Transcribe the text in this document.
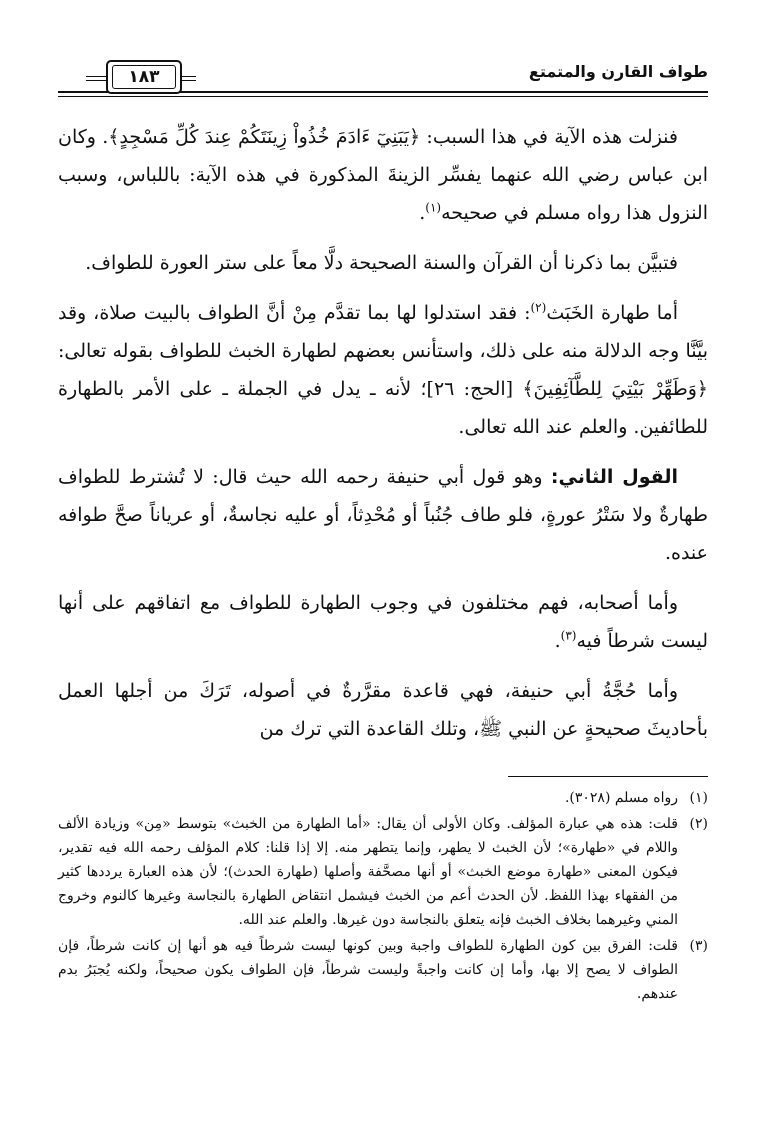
١٨٣	طواف القارن والمتمتع

فنزلت هذه الآية في هذا السبب: ﴿يَبَنِيٓ ءَادَمَ خُذُواْ زِينَتَكُمْ عِندَ كُلِّ مَسْجِدٍ﴾. وكان ابن عباس رضي الله عنهما يفسِّر الزينةَ المذكورة في هذه الآية: باللباس، وسبب النزول هذا رواه مسلم في صحيحه$^{(١)}$.

فتبيَّن بما ذكرنا أن القرآن والسنة الصحيحة دلَّا معاً على ستر العورة للطواف.

أما طهارة الخَبَث$^{(٢)}$: فقد استدلوا لها بما تقدَّم مِنْ أنَّ الطواف بالبيت صلاة، وقد بيَّنَّا وجه الدلالة منه على ذلك، واستأنس بعضهم لطهارة الخبث للطواف بقوله تعالى: ﴿وَطَهِّرْ بَيْتِيَ لِلطَّآئِفِينَ﴾ [الحج: ٢٦]؛ لأنه ـ يدل في الجملة ـ على الأمر بالطهارة للطائفين. والعلم عند الله تعالى.

القول الثاني: وهو قول أبي حنيفة رحمه الله حيث قال: لا تُشترط للطواف طهارةٌ ولا سَتْرُ عورةٍ، فلو طاف جُنُباً أو مُحْدِثاً، أو عليه نجاسةٌ، أو عرياناً صحَّ طوافه عنده.

وأما أصحابه، فهم مختلفون في وجوب الطهارة للطواف مع اتفاقهم على أنها ليست شرطاً فيه$^{(٣)}$.

وأما حُجَّةُ أبي حنيفة، فهي قاعدة مقرَّرةٌ في أصوله، تَرَكَ من أجلها العمل بأحاديثَ صحيحةٍ عن النبي ﷺ، وتلك القاعدة التي ترك من

(١)
رواه مسلم (٣٠٢٨).
(٢)
قلت: هذه هي عبارة المؤلف. وكان الأولى أن يقال: «أما الطهارة من الخبث» بتوسط «مِن» وزيادة الألف واللام في «طهارة»؛ لأن الخبث لا يطهر، وإنما يتطهر منه. إلا إذا قلنا: كلام المؤلف رحمه الله فيه تقدير، فيكون المعنى «طهارة موضع الخبث» أو أنها مصحَّفة وأصلها (طهارة الحدث)؛ لأن هذه العبارة يرددها كثير من الفقهاء بهذا اللفظ. لأن الحدث أعم من الخبث فيشمل انتقاض الطهارة بالنجاسة وغيرها كالنوم وخروج المني وغيرهما بخلاف الخبث فإنه يتعلق بالنجاسة دون غيرها. والعلم عند الله.
(٣)
قلت: الفرق بين كون الطهارة للطواف واجبة وبين كونها ليست شرطاً فيه هو أنها إن كانت شرطاً، فإن الطواف لا يصح إلا بها، وأما إن كانت واجبةً وليست شرطاً، فإن الطواف يكون صحيحاً، ولكنه يُجبَرُ بدم عندهم.
